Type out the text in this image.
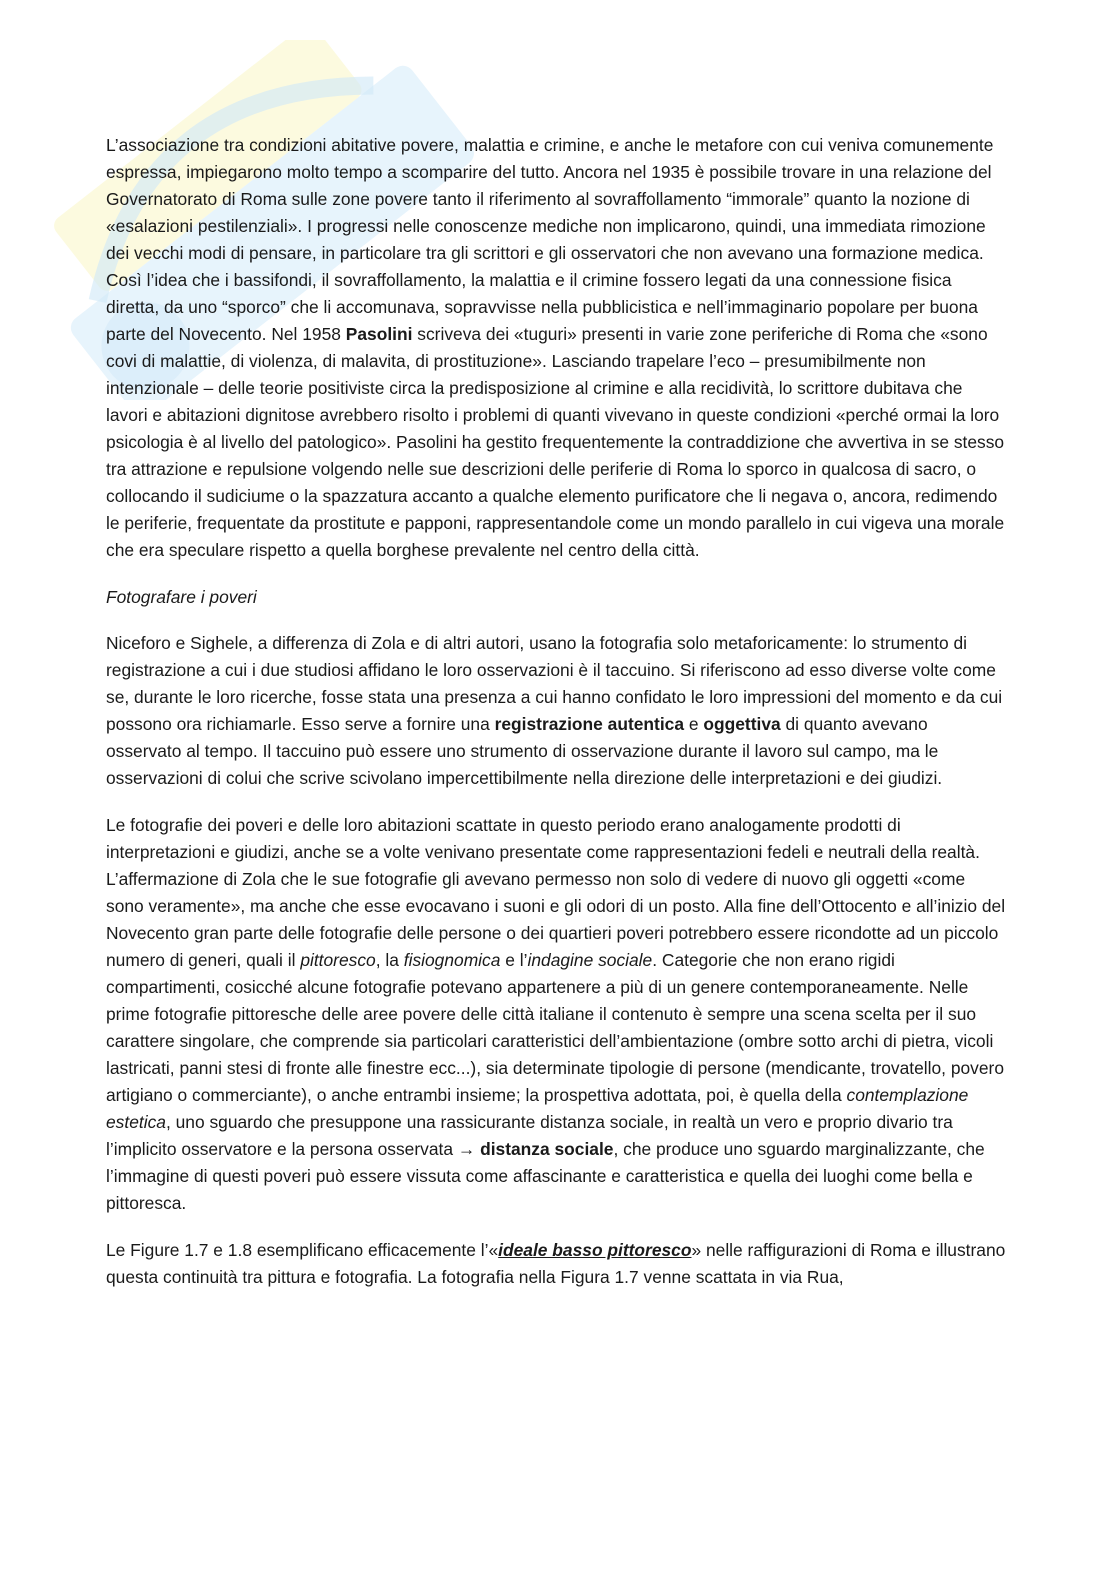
L’associazione tra condizioni abitative povere, malattia e crimine, e anche le metafore con cui veniva comunemente espressa, impiegarono molto tempo a scomparire del tutto. Ancora nel 1935 è possibile trovare in una relazione del Governatorato di Roma sulle zone povere tanto il riferimento al sovraffollamento “immorale” quanto la nozione di «esalazioni pestilenziali». I progressi nelle conoscenze mediche non implicarono, quindi, una immediata rimozione dei vecchi modi di pensare, in particolare tra gli scrittori e gli osservatori che non avevano una formazione medica. Così l’idea che i bassifondi, il sovraffollamento, la malattia e il crimine fossero legati da una connessione fisica diretta, da uno “sporco” che li accomunava, sopravvisse nella pubblicistica e nell’immaginario popolare per buona parte del Novecento. Nel 1958 Pasolini scriveva dei «tuguri» presenti in varie zone periferiche di Roma che «sono covi di malattie, di violenza, di malavita, di prostituzione». Lasciando trapelare l’eco – presumibilmente non intenzionale – delle teorie positiviste circa la predisposizione al crimine e alla recidività, lo scrittore dubitava che lavori e abitazioni dignitose avrebbero risolto i problemi di quanti vivevano in queste condizioni «perché ormai la loro psicologia è al livello del patologico». Pasolini ha gestito frequentemente la contraddizione che avvertiva in se stesso tra attrazione e repulsione volgendo nelle sue descrizioni delle periferie di Roma lo sporco in qualcosa di sacro, o collocando il sudiciume o la spazzatura accanto a qualche elemento purificatore che li negava o, ancora, redimendo le periferie, frequentate da prostitute e papponi, rappresentandole come un mondo parallelo in cui vigeva una morale che era speculare rispetto a quella borghese prevalente nel centro della città.

Fotografare i poveri

Niceforo e Sighele, a differenza di Zola e di altri autori, usano la fotografia solo metaforicamente: lo strumento di registrazione a cui i due studiosi affidano le loro osservazioni è il taccuino. Si riferiscono ad esso diverse volte come se, durante le loro ricerche, fosse stata una presenza a cui hanno confidato le loro impressioni del momento e da cui possono ora richiamarle. Esso serve a fornire una registrazione autentica e oggettiva di quanto avevano osservato al tempo. Il taccuino può essere uno strumento di osservazione durante il lavoro sul campo, ma le osservazioni di colui che scrive scivolano impercettibilmente nella direzione delle interpretazioni e dei giudizi.

Le fotografie dei poveri e delle loro abitazioni scattate in questo periodo erano analogamente prodotti di interpretazioni e giudizi, anche se a volte venivano presentate come rappresentazioni fedeli e neutrali della realtà. L’affermazione di Zola che le sue fotografie gli avevano permesso non solo di vedere di nuovo gli oggetti «come sono veramente», ma anche che esse evocavano i suoni e gli odori di un posto. Alla fine dell’Ottocento e all’inizio del Novecento gran parte delle fotografie delle persone o dei quartieri poveri potrebbero essere ricondotte ad un piccolo numero di generi, quali il pittoresco, la fisiognomica e l’indagine sociale. Categorie che non erano rigidi compartimenti, cosicché alcune fotografie potevano appartenere a più di un genere contemporaneamente. Nelle prime fotografie pittoresche delle aree povere delle città italiane il contenuto è sempre una scena scelta per il suo carattere singolare, che comprende sia particolari caratteristici dell’ambientazione (ombre sotto archi di pietra, vicoli lastricati, panni stesi di fronte alle finestre ecc...), sia determinate tipologie di persone (mendicante, trovatello, povero artigiano o commerciante), o anche entrambi insieme; la prospettiva adottata, poi, è quella della contemplazione estetica, uno sguardo che presuppone una rassicurante distanza sociale, in realtà un vero e proprio divario tra l’implicito osservatore e la persona osservata → distanza sociale, che produce uno sguardo marginalizzante, che l’immagine di questi poveri può essere vissuta come affascinante e caratteristica e quella dei luoghi come bella e pittoresca.

Le Figure 1.7 e 1.8 esemplificano efficacemente l’«ideale basso pittoresco» nelle raffigurazioni di Roma e illustrano questa continuità tra pittura e fotografia. La fotografia nella Figura 1.7 venne scattata in via Rua,
